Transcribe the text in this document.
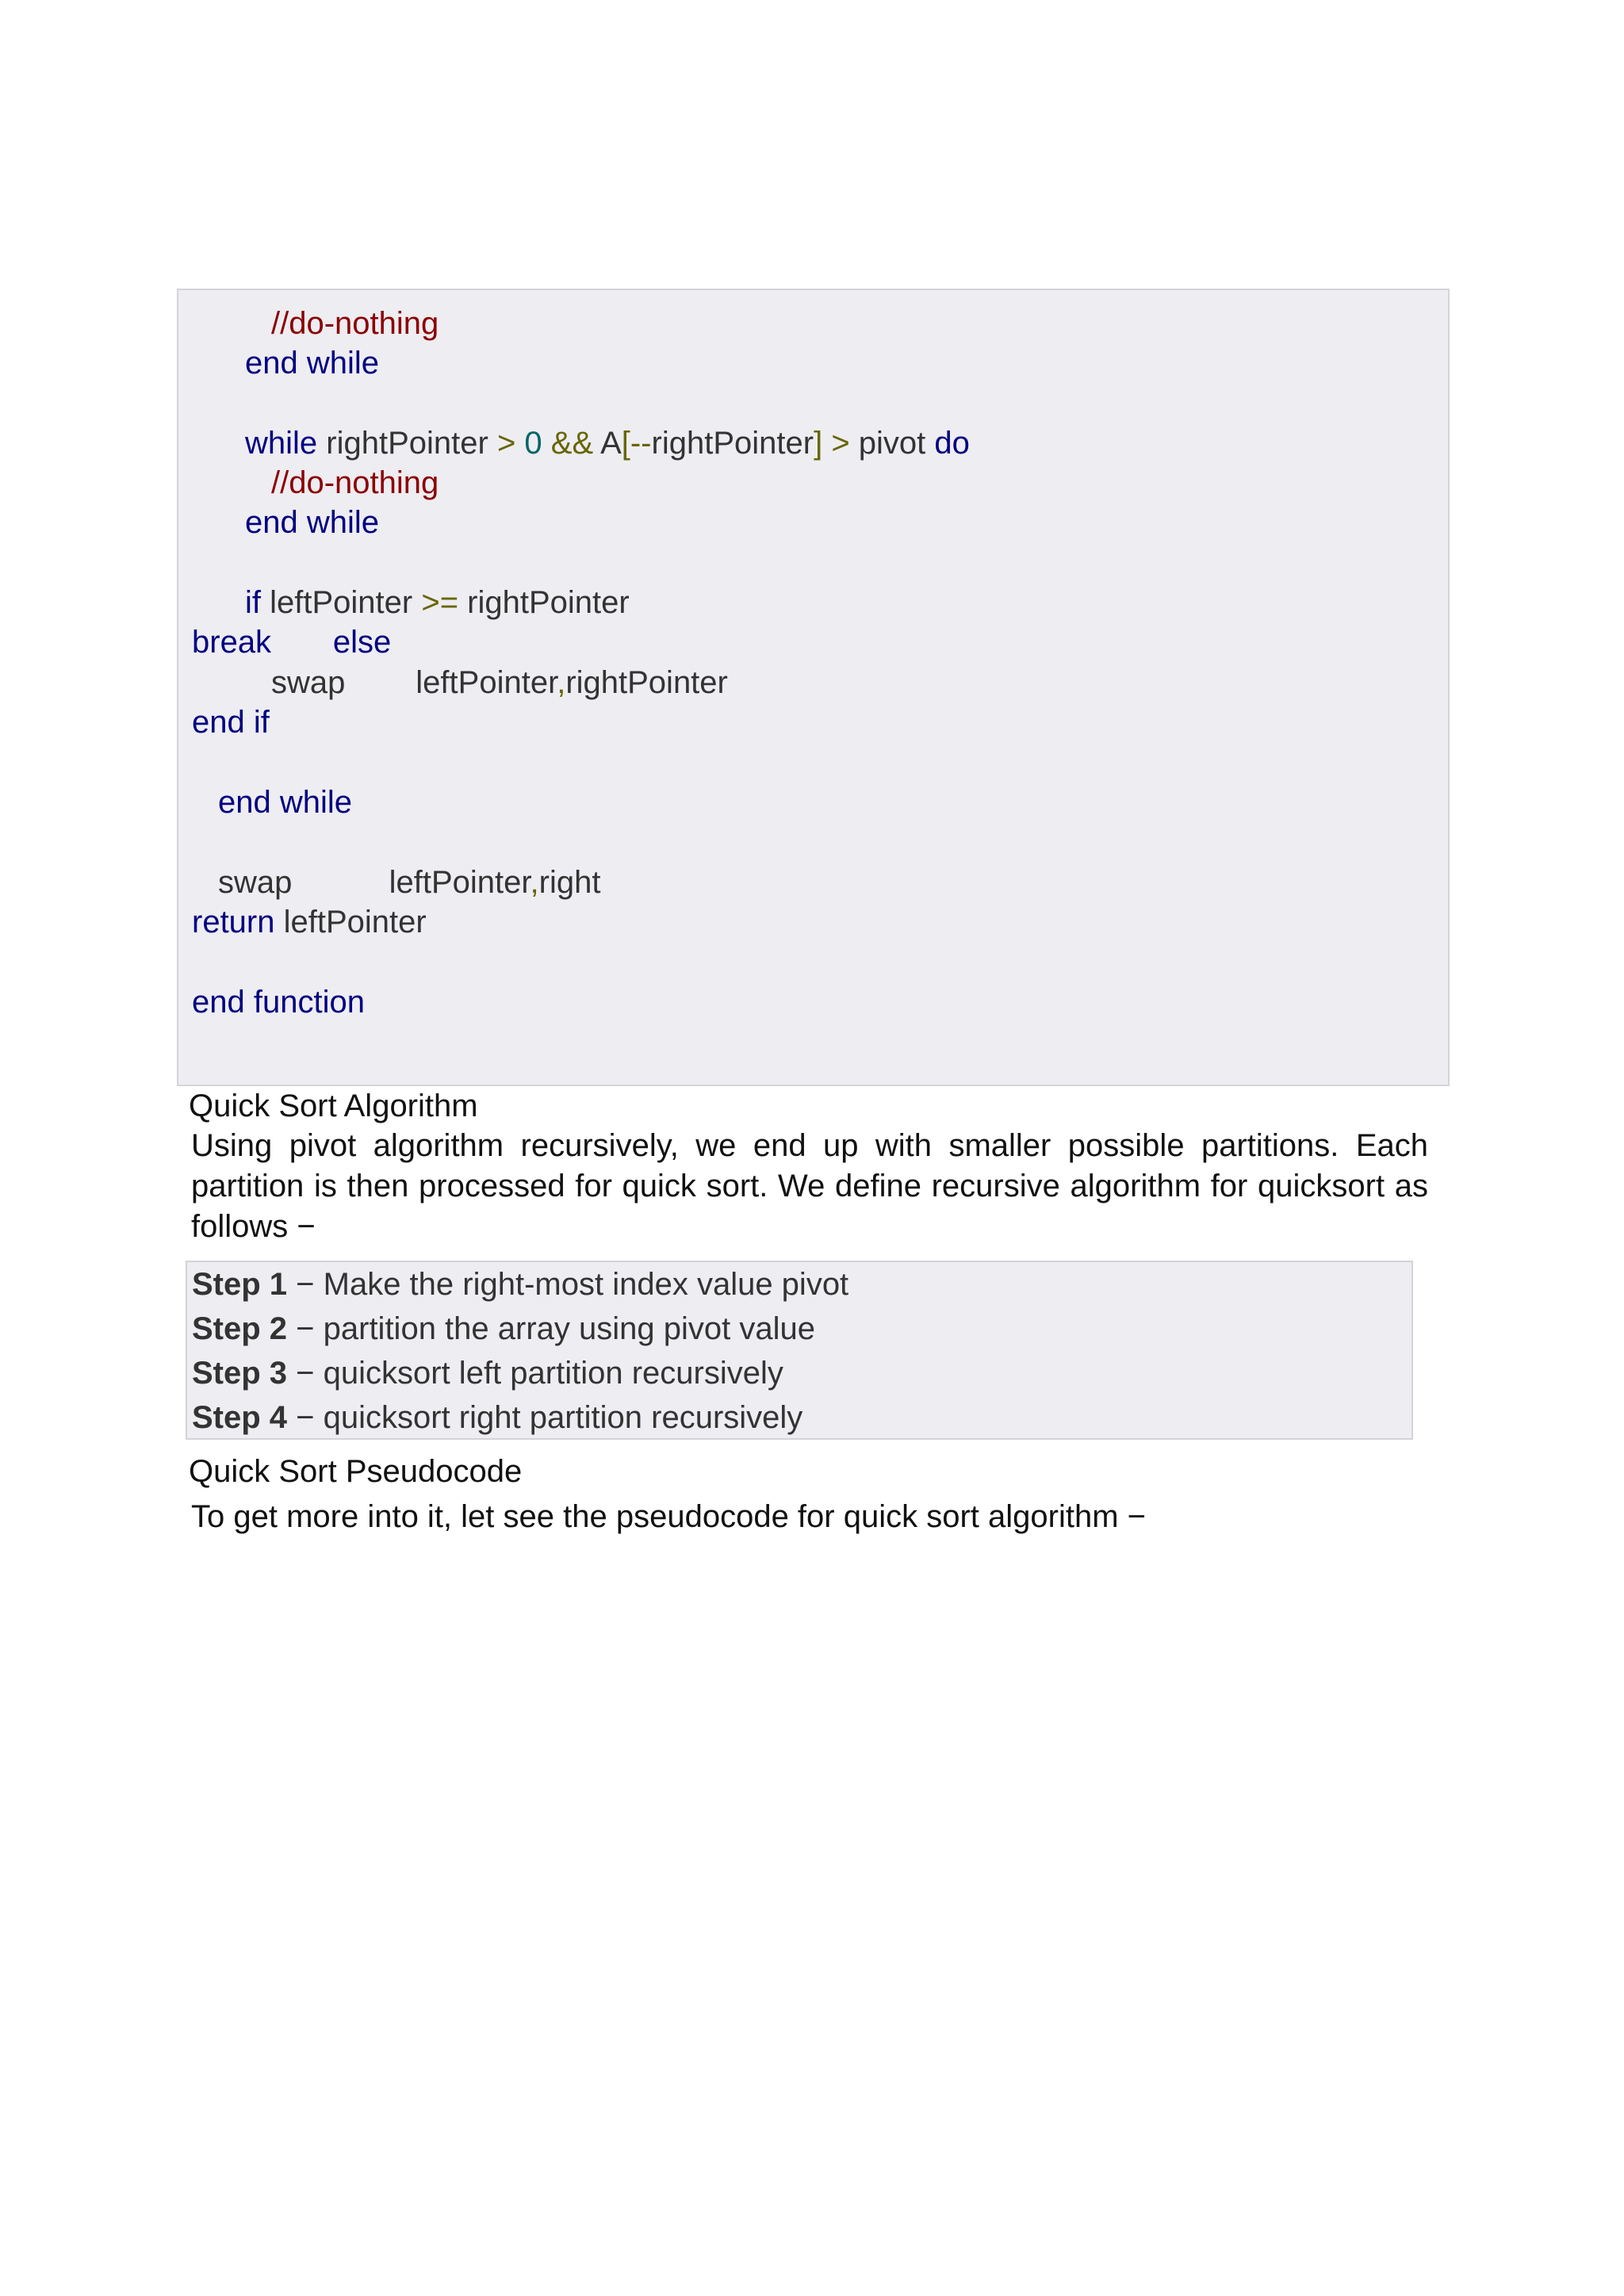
//do-nothing
end while
while rightPointer > 0 && A[--rightPointer] > pivot do
//do-nothing
end while
if leftPointer >= rightPointer
break else
swap        leftPointer,rightPointer
end if
end while
swap           leftPointer,right
return leftPointer
end function
Quick Sort Algorithm
Using pivot algorithm recursively, we end up with smaller possible partitions. Each partition is then processed for quick sort. We define recursive algorithm for quicksort as follows −
Step 1 − Make the right-most index value pivot
Step 2 − partition the array using pivot value
Step 3 − quicksort left partition recursively
Step 4 − quicksort right partition recursively
Quick Sort Pseudocode
To get more into it, let see the pseudocode for quick sort algorithm −
